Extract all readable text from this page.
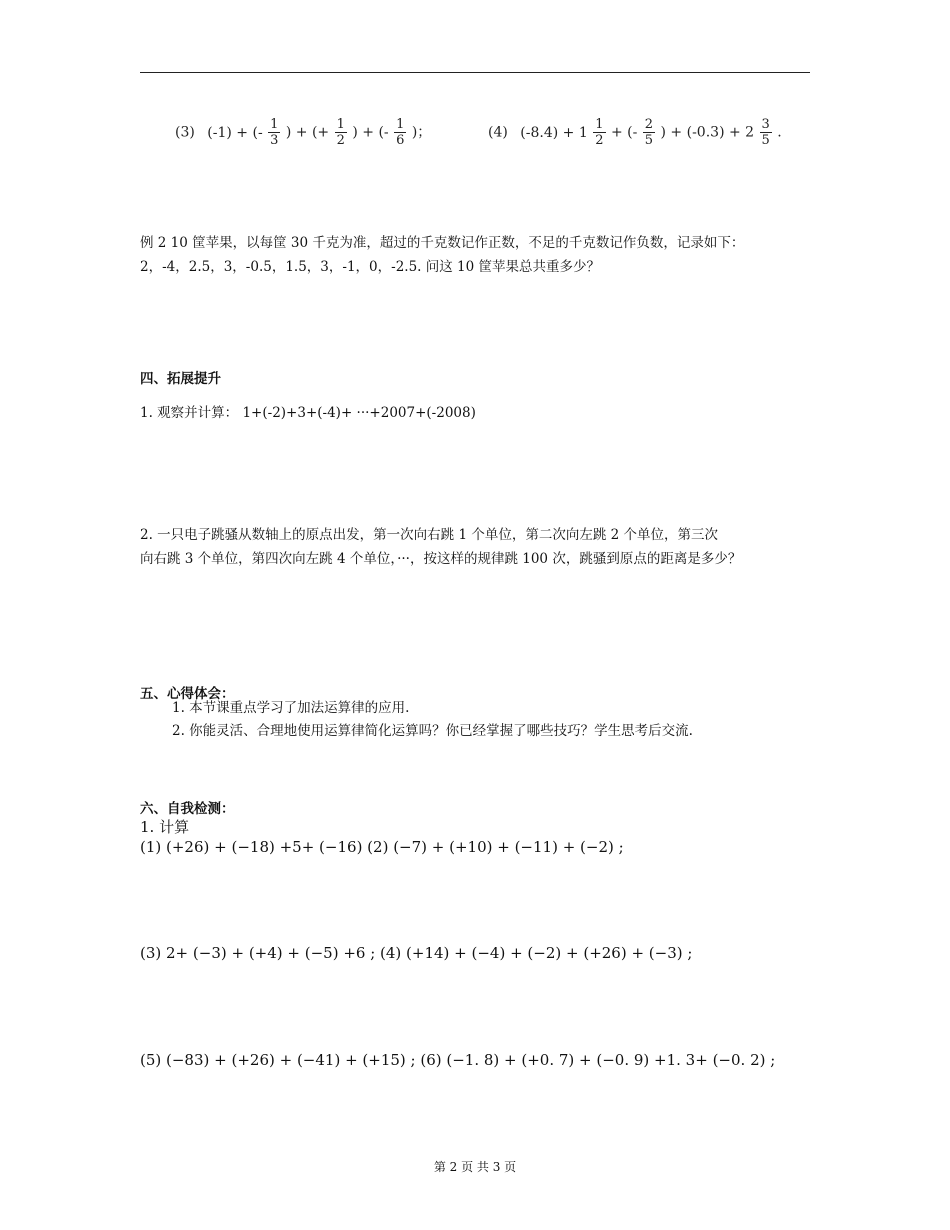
(3) (-1) + (- $\frac{1}{3}$ ) + (+ $\frac{1}{2}$ ) + (- $\frac{1}{6}$ )；	(4) $(-8.4) + 1 \frac{1}{2}$ + (- $\frac{2}{5}$ ) + $(-0.3) + 2 \frac{3}{5}$ .
例 2 10 筐苹果，以每筐 30 千克为准，超过的千克数记作正数，不足的千克数记作负数，记录如下：
2，-4，2.5，3，-0.5，1.5，3，-1，0，-2.5. 问这 10 筐苹果总共重多少？
四、拓展提升
1. 观察并计算： 1+(-2)+3+(-4)+ ···+2007+(-2008)
2. 一只电子跳骚从数轴上的原点出发，第一次向右跳 1 个单位，第二次向左跳 2 个单位，第三次
向右跳 3 个单位，第四次向左跳 4 个单位，···，按这样的规律跳 100 次，跳骚到原点的距离是多少？
五、心得体会：
1. 本节课重点学习了加法运算律的应用.
2. 你能灵活、合理地使用运算律简化运算吗？你已经掌握了哪些技巧？学生思考后交流.
六、自我检测：
1. 计算
(1) (+26) + (−18) +5+ (−16) (2) (−7) + (+10) + (−11) + (−2) ;
(3) 2+ (−3) + (+4) + (−5) +6 ; (4) (+14) + (−4) + (−2) + (+26) + (−3) ;
(5) (−83) + (+26) + (−41) + (+15) ; (6) (−1. 8) + (+0. 7) + (−0. 9) +1. 3+ (−0. 2) ;
第 2 页 共 3 页
